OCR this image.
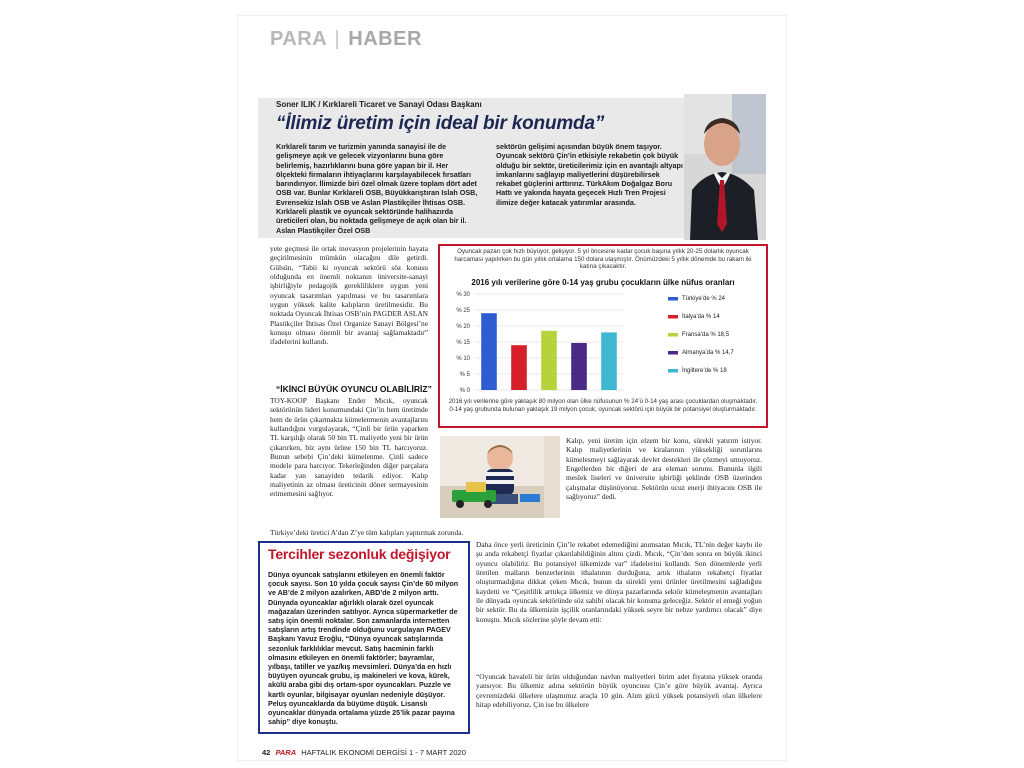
PARA | HABER
Soner ILIK / Kırklareli Ticaret ve Sanayi Odası Başkanı
“İlimiz üretim için ideal bir konumda”
Kırklareli tarım ve turizmin yanında sanayisi ile de gelişmeye açık ve gelecek vizyonlarını buna göre belirlemiş, hazırlıklarını buna göre yapan bir il. Her ölçekteki firmaların ihtiyaçlarını karşılayabilecek fırsatları barındırıyor. İlimizde biri özel olmak üzere toplam dört adet OSB var. Bunlar Kırklareli OSB, Büyükkarıştıran Islah OSB, Evrensekiz Islah OSB ve Aslan Plastikçiler İhtisas OSB. Kırklareli plastik ve oyuncak sektöründe halihazırda üreticileri olan, bu noktada gelişmeye de açık olan bir il. Aslan Plastikçiler Özel OSB
sektörün gelişimi açısından büyük önem taşıyor. Oyuncak sektörü Çin’in etkisiyle rekabetin çok büyük olduğu bir sektör, üreticilerimiz için en avantajlı altyapı imkanlarını sağlayıp maliyetlerini düşürebilirsek rekabet güçlerini arttırırız. TürkAkım Doğalgaz Boru Hattı ve yakında hayata geçecek Hızlı Tren Projesi ilimize değer katacak yatırımlar arasında.
yete geçmesi ile ortak inovasyon projelerinin hayata geçirilmesinin mümkün olacağını dile getirdi. Gülsün, “Tabii ki oyuncak sektörü söz konusu olduğunda en önemli noktanın üniversite-sanayi işbirliğiyle pedagojik gerekliliklere uygun yeni oyuncak tasarımları yapılması ve bu tasarımlara uygun yüksek kalite kalıpların üretilmesidir. Bu noktada Oyuncak İhtisas OSB’nin PAGDER ASLAN Plastikçiler İhtisas Özel Organize Sanayi Bölgesi’ne konuşu olması önemli bir avantaj sağlamaktadır” ifadelerini kullandı.
“İKİNCİ BÜYÜK OYUNCU OLABİLİRİZ”
TOY-KOOP Başkanı Ender Mıcık, oyuncak sektörünün lideri konumundaki Çin’in hem üretimde hem de ürün çıkarmakta kümelenmenin avantajlarını kullandığını vurgulayarak, “Çinli bir ürün yaparken TL karşılığı olarak 50 bin TL maliyetle yeni bir ürün çıkarırken, biz aynı ürüne 150 bin TL harcıyoruz. Bunun sebebi Çin’deki kümelenme. Çinli sadece modele para harcıyor. Tekerleğinden diğer parçalara kadar yan sanayiden tedarik ediyor. Kalıp maliyetinin az olması üreticinin döner sermayesinin erimemesini sağlıyor.
Türkiye’deki üretici A’dan Z’ye tüm kalıpları yaptırmak zorunda.
Oyuncak pazarı çok hızlı büyüyor, gelişiyor. 5 yıl öncesine kadar çocuk başına yıllık 20-25 dolarlık oyuncak harcaması yapılırken bu gün yıllık ortalama 150 dolara ulaşmıştır. Önümüzdeki 5 yıllık dönemde bu rakam iki katına çıkacaktır.
2016 yılı verilerine göre 0-14 yaş grubu çocukların ülke nüfus oranları
% 30
% 25
% 20
% 15
% 10
% 5
% 0
Türkiye’de % 24
İtalya’da % 14
Fransa’da % 18,5
Almanya’da % 14,7
İngiltere’de % 18
2016 yılı verilerine göre yaklaşık 80 milyon olan ülke nüfusunun % 24’ü 0-14 yaş arası çocuklardan oluşmaktadır. 0-14 yaş grubunda bulunan yaklaşık 19 milyon çocuk, oyuncak sektörü için büyük bir potansiyel oluşturmaktadır.
Kalıp, yeni üretim için elzem bir konu, sürekli yatırım istiyor. Kalıp maliyetlerinin ve kiralarının yüksekliği sorunlarını kümelesmeyi sağlayarak devlet destekleri ile çözmeyi umuyoruz. Engellerden bir diğeri de ara eleman sorunu. Bununla ilgili meslek liseleri ve üniversite işbirliği şeklinde OSB üzerinden çalışmalar düşünüyoruz. Sektörün ucuz enerji ihtiyacını OSB ile sağlıyoruz” dedi.
Daha önce yerli üreticinin Çin’le rekabet edemediğini anımsatan Mıcık, TL’nin değer kaybı ile şu anda rekabetçi fiyatlar çıkarılabildiğinin altını çizdi. Mıcık, “Çin’den sonra en büyük ikinci oyuncu olabiliriz. Bu potansiyel ülkemizde var” ifadelerini kullandı. Son dönemlerde yerli üretilen malların benzerlerinin ithalatının durduğuna, artık ithalatın rekabetçi fiyatlar oluşturmadığına dikkat çeken Mıcık, bunun da sürekli yeni ürünler üretilmesini sağladığını kaydetti ve “Çeşitlilik arttıkça ülkemiz ve dünya pazarlarında sektör kümeleşmenin avantajları ile dünyada oyuncak sektöründe söz sahibi olacak bir konuma geleceğiz. Sektör el emeği yoğun bir sektör. Bu da ülkemizin işçilik oranlarındaki yüksek seyre bir nebze yardımcı olacak” diye konuştu. Mıcık sözlerine şöyle devam etti:
“Oyuncak havaleli bir ürün olduğundan navlun maliyetleri birim adet fiyatına yüksek oranda yansıyor. Bu ülkemiz adına sektörün büyük oyuncusu Çin’e göre büyük avantaj. Ayrıca çevremizdeki ülkelere ulaşmımız araçla 10 gün. Alım gücü yüksek potansiyeli olan ülkelere hitap edebiliyoruz. Çin ise bu ülkelere
Tercihler sezonluk değişiyor
Dünya oyuncak satışlarını etkileyen en önemli faktör çocuk sayısı. Son 10 yılda çocuk sayısı Çin’de 60 milyon ve AB’de 2 milyon azalırken, ABD’de 2 milyon arttı. Dünyada oyuncaklar ağırlıklı olarak özel oyuncak mağazaları üzerinden satılıyor. Ayrıca süpermarketler de satış için önemli noktalar. Son zamanlarda internetten satışların artış trendinde olduğunu vurgulayan PAGEV Başkanı Yavuz Eroğlu, “Dünya oyuncak satışlarında sezonluk farklılıklar mevcut. Satış hacminin farklı olmasını etkileyen en önemli faktörler; bayramlar, yılbaşı, tatiller ve yaz/kış mevsimleri. Dünya’da en hızlı büyüyen oyuncak grubu, iş makineleri ve kova, kürek, akülü araba gibi dış ortam-spor oyuncakları. Puzzle ve kartlı oyunlar, bilgisayar oyunları nedeniyle düşüyor. Peluş oyuncaklarda da büyüme düşük. Lisanslı oyuncaklar dünyada ortalama yüzde 25’lik pazar payına sahip” diye konuştu.
42 PARA HAFTALIK EKONOMİ DERGİSİ 1 - 7 MART 2020
